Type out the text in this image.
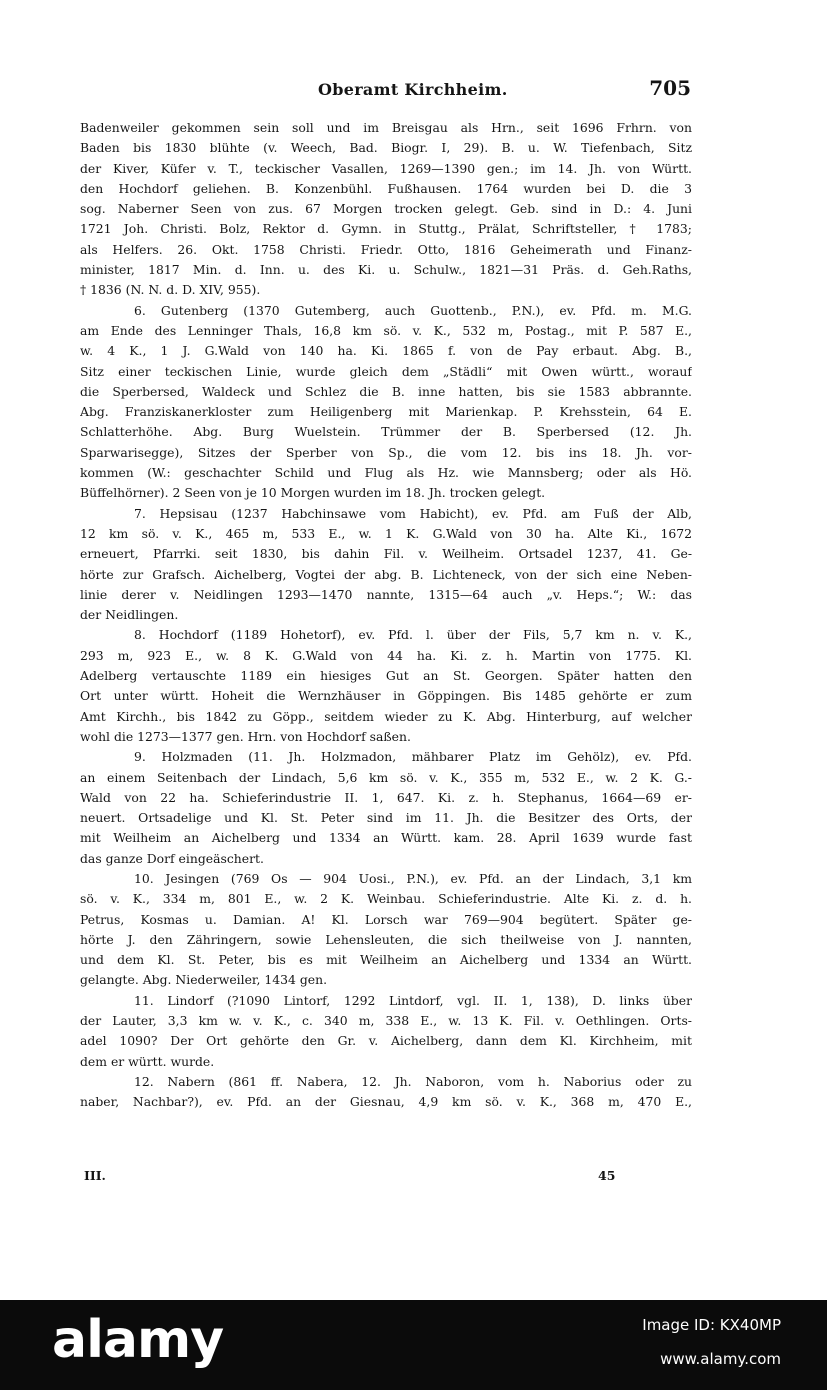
Oberamt Kirchheim.	705
Badenweiler gekommen sein soll und im Breisgau als Hrn., seit 1696 Frhrn. von
Baden bis 1830 blühte (v. Weech, Bad. Biogr. I, 29). B. u. W. Tiefenbach, Sitz
der Kiver, Küfer v. T., teckischer Vasallen, 1269—1390 gen.; im 14. Jh. von Württ.
den Hochdorf geliehen. B. Konzenbühl. Fußhausen. 1764 wurden bei D. die 3
sog. Naberner Seen von zus. 67 Morgen trocken gelegt. Geb. sind in D.: 4. Juni
1721 Joh. Christi. Bolz, Rektor d. Gymn. in Stuttg., Prälat, Schriftsteller, † 1783;
als Helfers. 26. Okt. 1758 Christi. Friedr. Otto, 1816 Geheimerath und Finanz-
minister, 1817 Min. d. Inn. u. des Ki. u. Schulw., 1821—31 Präs. d. Geh.Raths,
† 1836 (N. N. d. D. XIV, 955).
6. Gutenberg (1370 Gutemberg, auch Guottenb., P.N.), ev. Pfd. m. M.G.
am Ende des Lenninger Thals, 16,8 km sö. v. K., 532 m, Postag., mit P. 587 E.,
w. 4 K., 1 J. G.Wald von 140 ha. Ki. 1865 f. von de Pay erbaut. Abg. B.,
Sitz einer teckischen Linie, wurde gleich dem „Städli“ mit Owen württ., worauf
die Sperbersed, Waldeck und Schlez die B. inne hatten, bis sie 1583 abbrannte.
Abg. Franziskanerkloster zum Heiligenberg mit Marienkap. P. Krehsstein, 64 E.
Schlatterhöhe. Abg. Burg Wuelstein. Trümmer der B. Sperbersed (12. Jh.
Sparwarisegge), Sitzes der Sperber von Sp., die vom 12. bis ins 18. Jh. vor-
kommen (W.: geschachter Schild und Flug als Hz. wie Mannsberg; oder als Hö.
Büffelhörner). 2 Seen von je 10 Morgen wurden im 18. Jh. trocken gelegt.
7. Hepsisau (1237 Habchinsawe vom Habicht), ev. Pfd. am Fuß der Alb,
12 km sö. v. K., 465 m, 533 E., w. 1 K. G.Wald von 30 ha. Alte Ki., 1672
erneuert, Pfarrki. seit 1830, bis dahin Fil. v. Weilheim. Ortsadel 1237, 41. Ge-
hörte zur Grafsch. Aichelberg, Vogtei der abg. B. Lichteneck, von der sich eine Neben-
linie derer v. Neidlingen 1293—1470 nannte, 1315—64 auch „v. Heps.“; W.: das
der Neidlingen.
8. Hochdorf (1189 Hohetorf), ev. Pfd. l. über der Fils, 5,7 km n. v. K.,
293 m, 923 E., w. 8 K. G.Wald von 44 ha. Ki. z. h. Martin von 1775. Kl.
Adelberg vertauschte 1189 ein hiesiges Gut an St. Georgen. Später hatten den
Ort unter württ. Hoheit die Wernzhäuser in Göppingen. Bis 1485 gehörte er zum
Amt Kirchh., bis 1842 zu Göpp., seitdem wieder zu K. Abg. Hinterburg, auf welcher
wohl die 1273—1377 gen. Hrn. von Hochdorf saßen.
9. Holzmaden (11. Jh. Holzmadon, mähbarer Platz im Gehölz), ev. Pfd.
an einem Seitenbach der Lindach, 5,6 km sö. v. K., 355 m, 532 E., w. 2 K. G.-
Wald von 22 ha. Schieferindustrie II. 1, 647. Ki. z. h. Stephanus, 1664—69 er-
neuert. Ortsadelige und Kl. St. Peter sind im 11. Jh. die Besitzer des Orts, der
mit Weilheim an Aichelberg und 1334 an Württ. kam. 28. April 1639 wurde fast
das ganze Dorf eingeäschert.
10. Jesingen (769 Os — 904 Uosi., P.N.), ev. Pfd. an der Lindach, 3,1 km
sö. v. K., 334 m, 801 E., w. 2 K. Weinbau. Schieferindustrie. Alte Ki. z. d. h.
Petrus, Kosmas u. Damian. A! Kl. Lorsch war 769—904 begütert. Später ge-
hörte J. den Zähringern, sowie Lehensleuten, die sich theilweise von J. nannten,
und dem Kl. St. Peter, bis es mit Weilheim an Aichelberg und 1334 an Württ.
gelangte. Abg. Niederweiler, 1434 gen.
11. Lindorf (?1090 Lintorf, 1292 Lintdorf, vgl. II. 1, 138), D. links über
der Lauter, 3,3 km w. v. K., c. 340 m, 338 E., w. 13 K. Fil. v. Oethlingen. Orts-
adel 1090? Der Ort gehörte den Gr. v. Aichelberg, dann dem Kl. Kirchheim, mit
dem er württ. wurde.
12. Nabern (861 ff. Nabera, 12. Jh. Naboron, vom h. Naborius oder zu
naber, Nachbar?), ev. Pfd. an der Giesnau, 4,9 km sö. v. K., 368 m, 470 E.,
III.	45
alamy	Image ID: KX40MP
www.alamy.com
